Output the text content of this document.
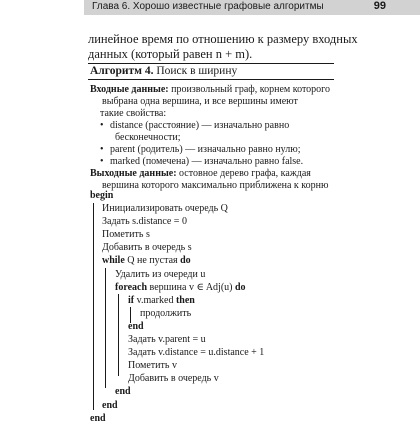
Глава 6. Хорошо известные графовые алгоритмы	99
линейное время по отношению к размеру входных
данных (который равен n + m).
Алгоритм 4. Поиск в ширину
Входные данные: произвольный граф, корнем которого
выбрана одна вершина, и все вершины имеют
такие свойства:
• distance (расстояние) — изначально равно
бесконечности;
• parent (родитель) — изначально равно нулю;
• marked (помечена) — изначально равно false.
Выходные данные: остовное дерево графа, каждая
вершина которого максимально приближена к корню
begin
Инициализировать очередь Q
Задать s.distance = 0
Пометить s
Добавить в очередь s
while Q не пустая do
Удалить из очереди u
foreach вершина v ∈ Adj(u) do
if v.marked then
продолжить
end
Задать v.parent = u
Задать v.distance = u.distance + 1
Пометить v
Добавить в очередь v
end
end
end
